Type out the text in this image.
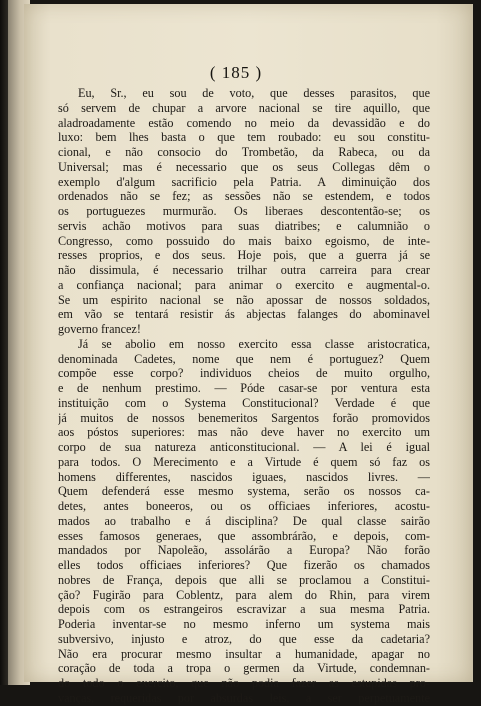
( 185 )
Eu, Sr., eu sou de voto, que desses parasitos, que
só servem de chupar a arvore nacional se tire aquillo, que
aladroadamente estão comendo no meio da devassidão e do
luxo: bem lhes basta o que tem roubado: eu sou constitu-
cional, e não consocio do Trombetão, da Rabeca, ou da
Universal; mas é necessario que os seus Collegas dêm o
exemplo d'algum sacrificio pela Patria. A diminuição dos
ordenados não se fez; as sessões não se estendem, e todos
os portuguezes murmurão. Os liberaes descontentão-se; os
servis achão motivos para suas diatribes; e calumnião o
Congresso, como possuido do mais baixo egoismo, de inte-
resses proprios, e dos seus. Hoje pois, que a guerra já se
não dissimula, é necessario trilhar outra carreira para crear
a confiança nacional; para animar o exercito e augmental-o.
Se um espirito nacional se não apossar de nossos soldados,
em vão se tentará resistir ás abjectas falanges do abominavel
governo francez!
Já se abolio em nosso exercito essa classe aristocratica,
denominada Cadetes, nome que nem é portuguez? Quem
compõe esse corpo? individuos cheios de muito orgulho,
e de nenhum prestimo. — Póde casar-se por ventura esta
instituição com o Systema Constitucional? Verdade é que
já muitos de nossos benemeritos Sargentos forão promovidos
aos póstos superiores: mas não deve haver no exercito um
corpo de sua natureza anticonstitucional. — A lei é igual
para todos. O Merecimento e a Virtude é quem só faz os
homens differentes, nascidos iguaes, nascidos livres. —
Quem defenderá esse mesmo systema, serão os nossos ca-
detes, antes boneeros, ou os officiaes inferiores, acostu-
mados ao trabalho e á disciplina? De qual classe sairão
esses famosos generaes, que assombrárão, e depois, com-
mandados por Napoleão, assolárão a Europa? Não forão
elles todos officiaes inferiores? Que fizerão os chamados
nobres de França, depois que alli se proclamou a Constitui-
ção? Fugirão para Coblentz, para alem do Rhin, para virem
depois com os estrangeiros escravizar a sua mesma Patria.
Poderia inventar-se no mesmo inferno um systema mais
subversivo, injusto e atroz, do que esse da cadetaria?
Não era procurar mesmo insultar a humanidade, apagar no
coração de toda a tropa o germen da Virtude, condemnan-
do todo o exercito, que não podia fazer as estupidas pro-
vanças, requeridas por absurdas leis, a ser perpetuamente
